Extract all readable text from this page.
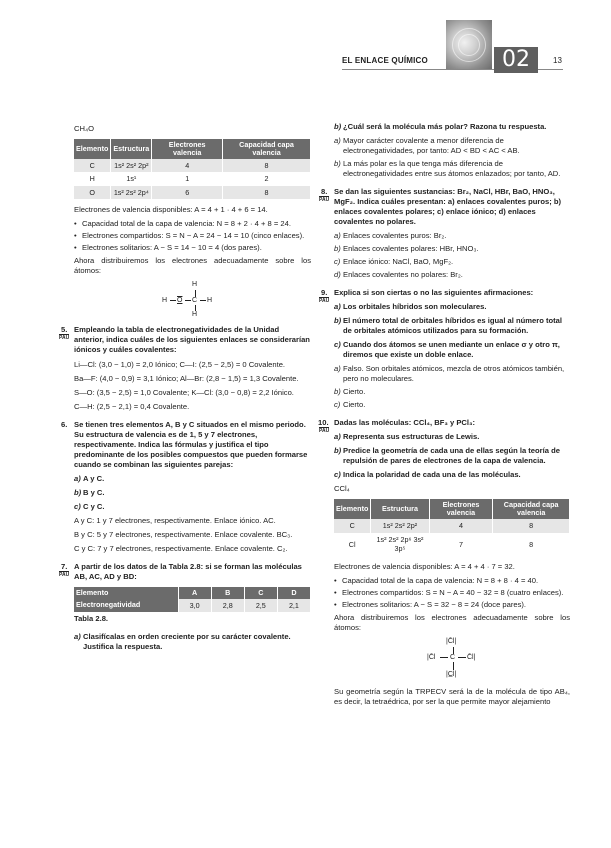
EL ENLACE QUÍMICO	02	13

CH₄O

Elemento	Estructura	Electrones valencia	Capacidad capa valencia
C	1s² 2s² 2p²	4	8
H	1s¹	1	2
O	1s² 2s² 2p⁴	6	8

Electrones de valencia disponibles: A = 4 + 1 · 4 + 6 = 14.

• Capacidad total de la capa de valencia: N = 8 + 2 · 4 + 8 = 24.
• Electrones compartidos: S = N − A = 24 − 14 = 10 (cinco enlaces).
• Electrones solitarios: A − S = 14 − 10 = 4 (dos pares).

Ahora distribuiremos los electrones adecuadamente sobre los átomos:

H
H O C H
H
5.
PAU
Empleando la tabla de electronegatividades de la Unidad anterior, indica cuáles de los siguientes enlaces se considerarían iónicos y cuáles covalentes:

Li—Cl: (3,0 − 1,0) = 2,0 Iónico; C—I: (2,5 − 2,5) = 0 Covalente.

Ba—F: (4,0 − 0,9) = 3,1 Iónico; Al—Br: (2,8 − 1,5) = 1,3 Covalente.

S—O: (3,5 − 2,5) = 1,0 Covalente; K—Cl: (3,0 − 0,8) = 2,2 Iónico.

C—H: (2,5 − 2,1) = 0,4 Covalente.

6. Se tienen tres elementos A, B y C situados en el mismo periodo. Su estructura de valencia es de 1, 5 y 7 electrones, respectivamente. Indica las fórmulas y justifica el tipo predominante de los posibles compuestos que pueden formarse cuando se combinan las siguientes parejas:
a) A y C.
b) B y C.
c) C y C.

A y C: 1 y 7 electrones, respectivamente. Enlace iónico. AC.

B y C: 5 y 7 electrones, respectivamente. Enlace covalente. BC₃.

C y C: 7 y 7 electrones, respectivamente. Enlace covalente. C₂.

7.
PAU
A partir de los datos de la Tabla 2.8: si se forman las moléculas AB, AC, AD y BD:
Elemento	A	B	C	D
Electronegatividad	3,0	2,8	2,5	2,1

Tabla 2.8.

a) Clasifícalas en orden creciente por su carácter covalente. Justifica la respuesta.
b) ¿Cuál será la molécula más polar? Razona tu respuesta.
a) Mayor carácter covalente a menor diferencia de electronegatividades, por tanto: AD < BD < AC < AB.
b) La más polar es la que tenga más diferencia de electronegatividades entre sus átomos enlazados; por tanto, AD.
8.
PAU
Se dan las siguientes sustancias: Br₂, NaCl, HBr, BaO, HNO₃, MgF₂. Indica cuáles presentan: a) enlaces covalentes puros; b) enlaces covalentes polares; c) enlace iónico; d) enlaces covalentes no polares.
a) Enlaces covalentes puros: Br₂.
b) Enlaces covalentes polares: HBr, HNO₃.
c) Enlace iónico: NaCl, BaO, MgF₂.
d) Enlaces covalentes no polares: Br₂.
9.
PAU
Explica si son ciertas o no las siguientes afirmaciones:
a) Los orbitales híbridos son moleculares.
b) El número total de orbitales híbridos es igual al número total de orbitales atómicos utilizados para su formación.
c) Cuando dos átomos se unen mediante un enlace σ y otro π, diremos que existe un doble enlace.
a) Falso. Son orbitales atómicos, mezcla de otros atómicos también, pero no moleculares.
b) Cierto.
c) Cierto.
10.
PAU
Dadas las moléculas: CCl₄, BF₃ y PCl₃:
a) Representa sus estructuras de Lewis.
b) Predice la geometría de cada una de ellas según la teoría de repulsión de pares de electrones de la capa de valencia.
c) Indica la polaridad de cada una de las moléculas.

CCl₄

Elemento	Estructura	Electrones valencia	Capacidad capa valencia
C	1s² 2s² 2p²	4	8
Cl	1s² 2s² 2p⁶ 3s² 3p⁵	7	8

Electrones de valencia disponibles: A = 4 + 4 · 7 = 32.

• Capacidad total de la capa de valencia: N = 8 + 8 · 4 = 40.
• Electrones compartidos: S = N − A = 40 − 32 = 8 (cuatro enlaces).
• Electrones solitarios: A − S = 32 − 8 = 24 (doce pares).

Ahora distribuiremos los electrones adecuadamente sobre los átomos:

|C̄l|
|C̄l C C̄l|
|C̲l|

Su geometría según la TRPECV será la de la molécula de tipo AB₄, es decir, la tetraédrica, por ser la que permite mayor alejamiento
